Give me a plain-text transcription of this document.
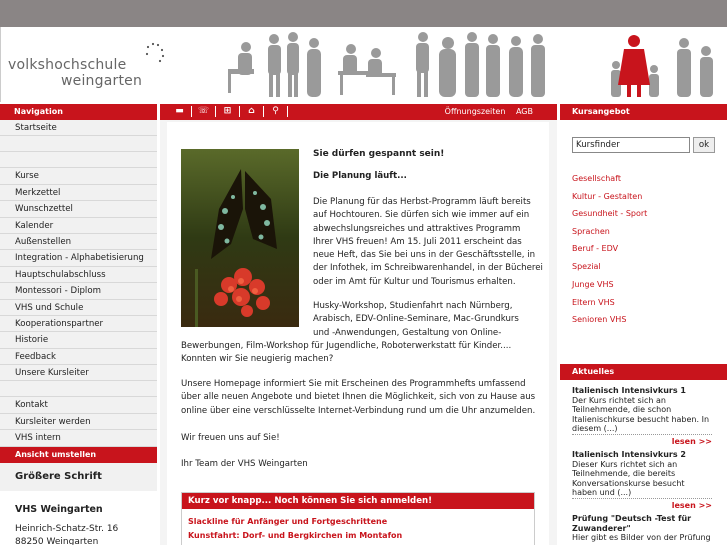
volkshochschule
weingarten
Navigation	▬	☏	⊞	⌂	⚲	Öffnungszeiten AGB	Kursangebot
Startseite
Kurse
Merkzettel
Wunschzettel
Kalender
Außenstellen
Integration - Alphabetisierung
Hauptschulabschluss
Montessori - Diplom
VHS und Schule
Kooperationspartner
Historie
Feedback
Unsere Kursleiter
Kontakt
Kursleiter werden
VHS intern
Ansicht umstellen
Größere Schrift
VHS Weingarten
Heinrich-Schatz-Str. 16
88250 Weingarten
Sie dürfen gespannt sein!
Die Planung läuft...
Die Planung für das Herbst-Programm läuft bereits
auf Hochtouren. Sie dürfen sich wie immer auf ein
abwechslungsreiches und attraktives Programm
Ihrer VHS freuen! Am 15. Juli 2011 erscheint das
neue Heft, das Sie bei uns in der Geschäftsstelle, in
der Infothek, im Schreibwarenhandel, in der Bücherei
oder im Amt für Kultur und Tourismus erhalten.
Husky-Workshop, Studienfahrt nach Nürnberg,
Arabisch, EDV-Online-Seminare, Mac-Grundkurs
und -Anwendungen, Gestaltung von Online-
Bewerbungen, Film-Workshop für Jugendliche, Roboterwerkstatt für Kinder....
Konnten wir Sie neugierig machen?
Unsere Homepage informiert Sie mit Erscheinen des Programmhefts umfassend
über alle neuen Angebote und bietet Ihnen die Möglichkeit, sich von zu Hause aus
online über eine verschlüsselte Internet-Verbindung rund um die Uhr anzumelden.
Wir freuen uns auf Sie!
Ihr Team der VHS Weingarten
Kurz vor knapp... Noch können Sie sich anmelden!
Slackline für Anfänger und Fortgeschrittene
Kunstfahrt: Dorf- und Bergkirchen im Montafon
Kursfinder	ok
Gesellschaft
Kultur - Gestalten
Gesundheit - Sport
Sprachen
Beruf - EDV
Spezial
Junge VHS
Eltern VHS
Senioren VHS
Aktuelles
Italienisch Intensivkurs 1
Der Kurs richtet sich an
Teilnehmende, die schon
Italienischkurse besucht haben. In
diesem (...)
lesen >>
Italienisch Intensivkurs 2
Dieser Kurs richtet sich an
Teilnehmende, die bereits
Konversationskurse besucht
haben und (...)
lesen >>
Prüfung "Deutsch -Test für
Zuwanderer"
Hier gibt es Bilder von der Prüfung
